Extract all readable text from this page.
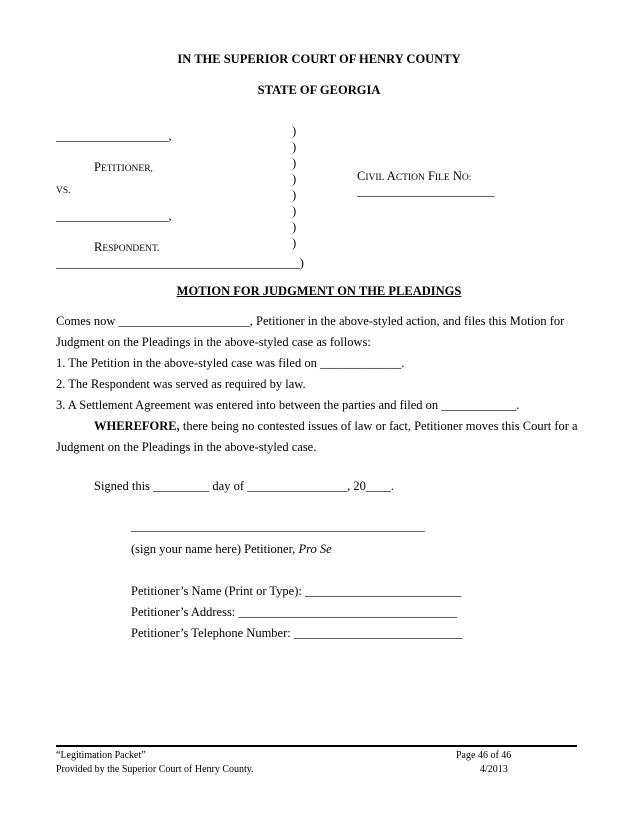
IN THE SUPERIOR COURT OF HENRY COUNTY
STATE OF GEORGIA
__________________,
PETITIONER,
VS.
__________________,
RESPONDENT.
_______________________________________)
)
)
)
)
)
)
)
)
CIVIL ACTION FILE NO:
______________________
MOTION FOR JUDGMENT ON THE PLEADINGS
Comes now _____________________, Petitioner in the above-styled action, and files this Motion for
Judgment on the Pleadings in the above-styled case as follows:
1. The Petition in the above-styled case was filed on _____________.
2. The Respondent was served as required by law.
3. A Settlement Agreement was entered into between the parties and filed on ____________.
WHEREFORE, there being no contested issues of law or fact, Petitioner moves this Court for a
Judgment on the Pleadings in the above-styled case.
Signed this _________ day of ________________, 20____.
_______________________________________________
(sign your name here) Petitioner, Pro Se
Petitioner’s Name (Print or Type): _________________________
Petitioner’s Address: ___________________________________
Petitioner’s Telephone Number: ___________________________
“Legitimation Packet”
Provided by the Superior Court of Henry County.
Page 46 of 46
4/2013
